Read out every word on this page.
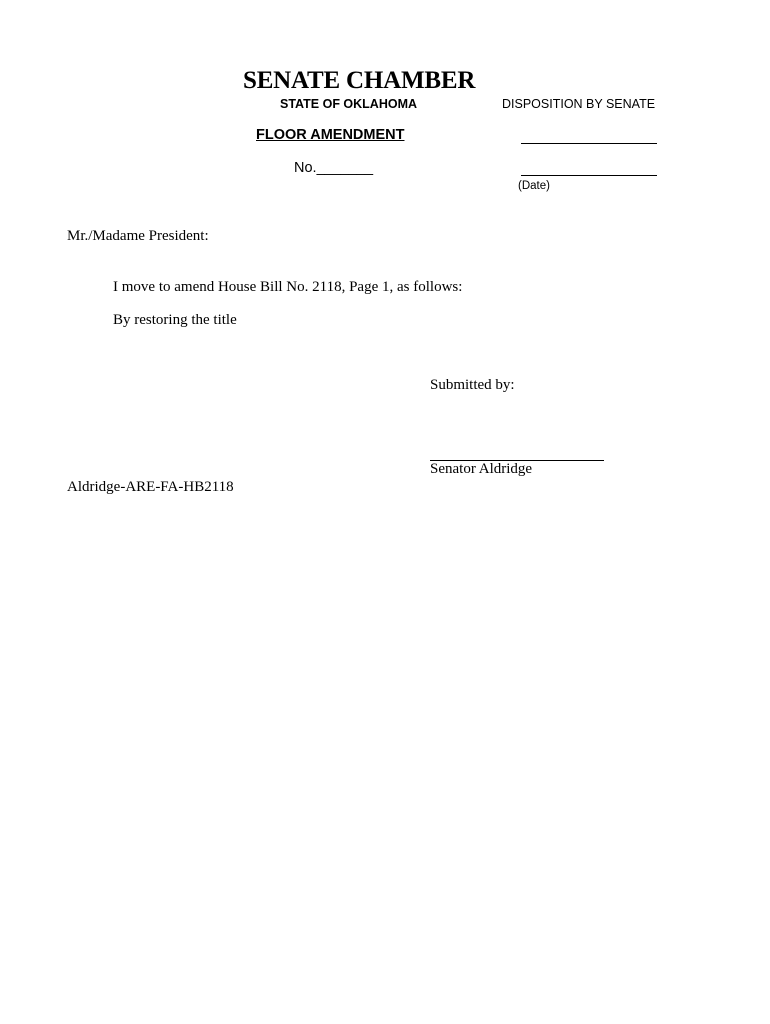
SENATE CHAMBER
STATE OF OKLAHOMA	DISPOSITION BY SENATE
FLOOR AMENDMENT
No._______
(Date)
Mr./Madame President:
I move to amend House Bill No. 2118, Page 1, as follows:
By restoring the title
Submitted by:
Senator Aldridge
Aldridge-ARE-FA-HB2118
